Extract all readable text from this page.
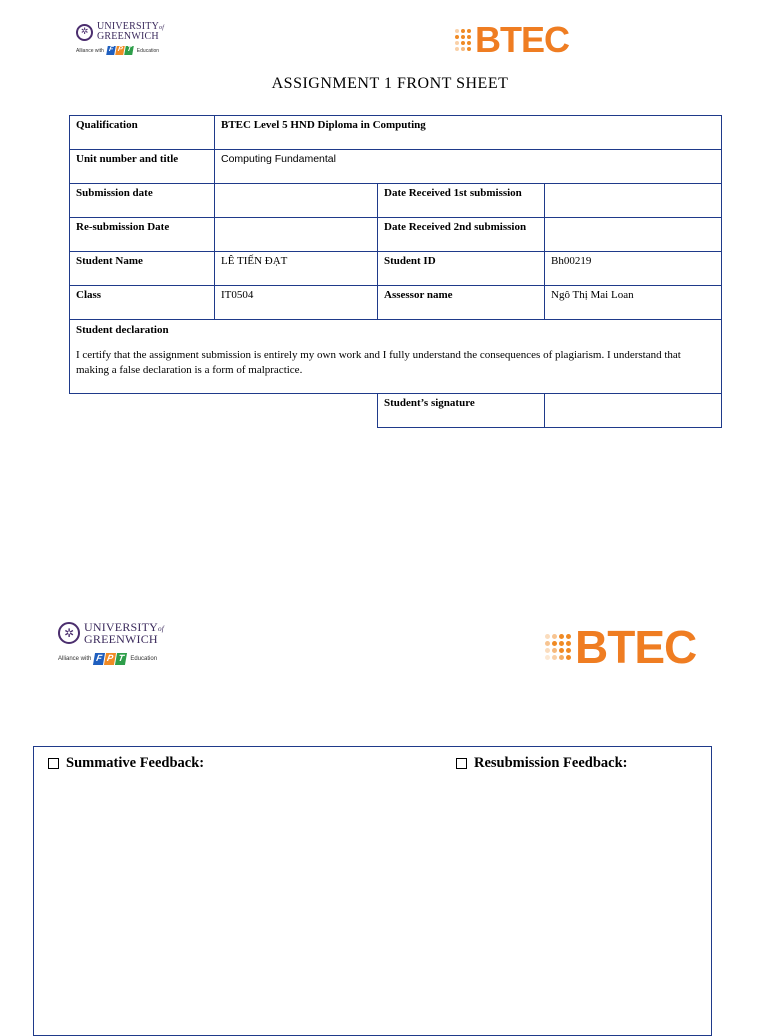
✲ UNIVERSITYof
GREENWICH
Alliance with F P T	Education	BTEC
ASSIGNMENT 1 FRONT SHEET
Qualification	BTEC Level 5 HND Diploma in Computing		
Unit number and title	Computing Fundamental		
Submission date		Date Received 1st submission	
Re-submission Date		Date Received 2nd submission	
Student Name	LÊ TIẾN ĐẠT	Student ID	Bh00219
Class	IT0504	Assessor name	Ngô Thị Mai Loan

Student declaration
I certify that the assignment submission is entirely my own work and I fully understand the consequences of plagiarism. I understand that making a false declaration is a form of malpractice.			

		Student’s signature	
✲ UNIVERSITYof
GREENWICH
Alliance with F P T Education	BTEC
Summative Feedback:	Resubmission Feedback:
